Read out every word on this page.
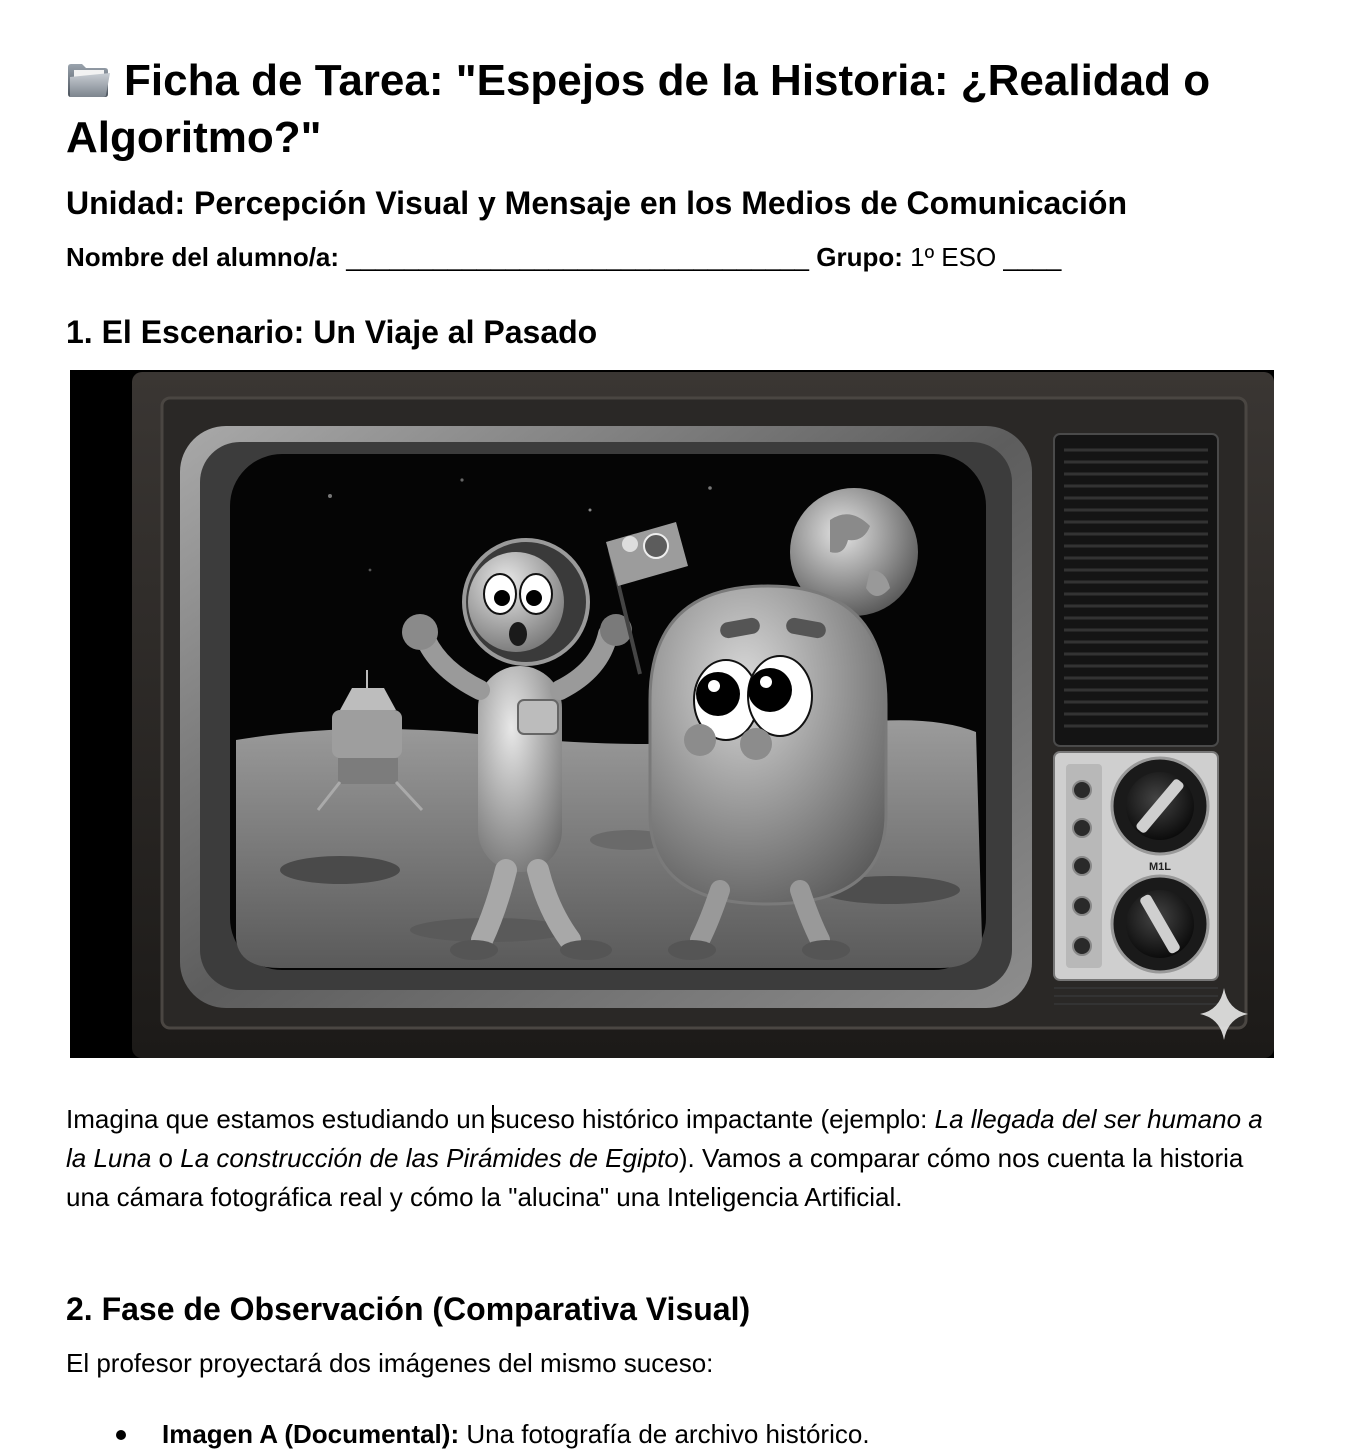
Ficha de Tarea: "Espejos de la Historia: ¿Realidad o Algoritmo?"
Unidad: Percepción Visual y Mensaje en los Medios de Comunicación
Nombre del alumno/a: ________________________________ Grupo: 1º ESO ____
1. El Escenario: Un Viaje al Pasado
M1L

Imagina que estamos estudiando un suceso histórico impactante (ejemplo: La llegada del ser humano a la Luna o La construcción de las Pirámides de Egipto). Vamos a comparar cómo nos cuenta la historia una cámara fotográfica real y cómo la "alucina" una Inteligencia Artificial.

2. Fase de Observación (Comparativa Visual)

El profesor proyectará dos imágenes del mismo suceso:

Imagen A (Documental): Una fotografía de archivo histórico.
